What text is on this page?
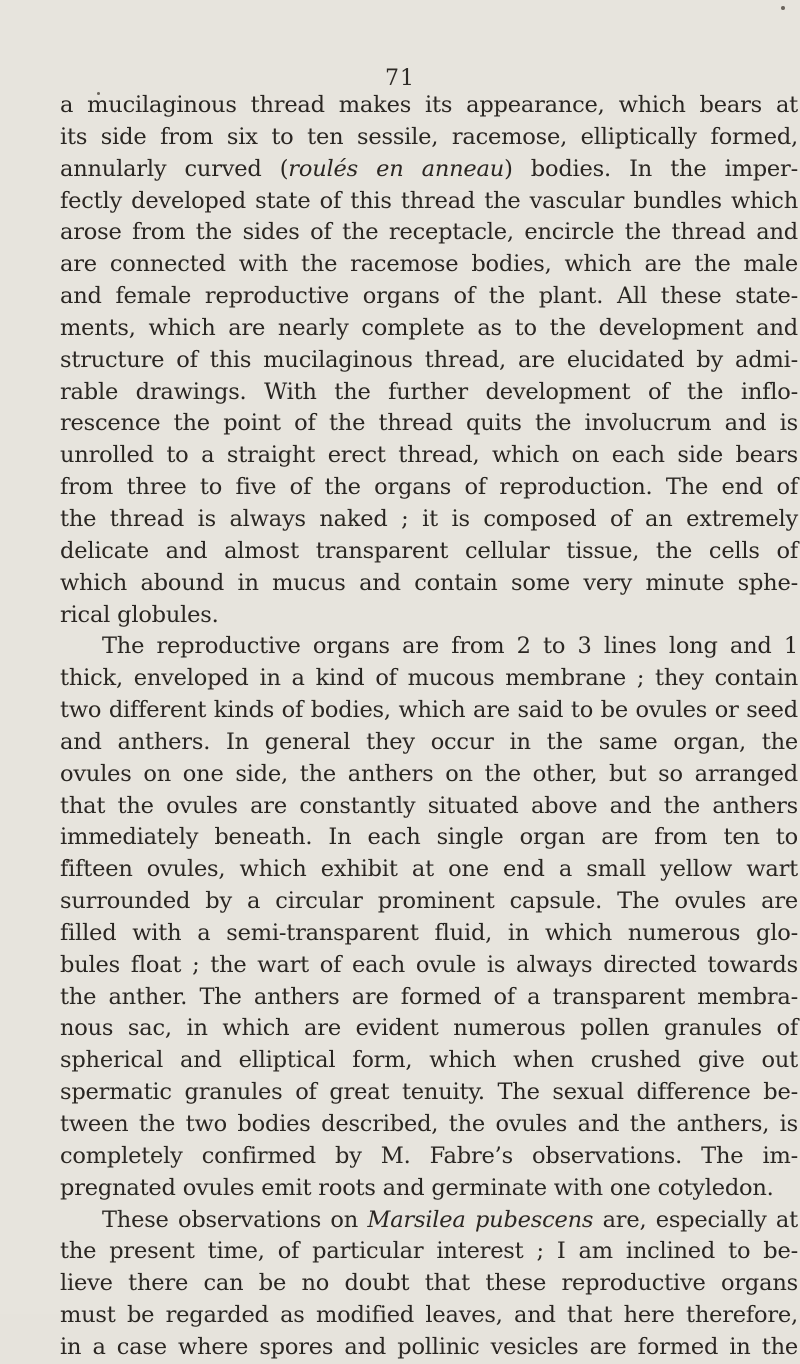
71
a mucilaginous thread makes its appearance, which bears at
its side from six to ten sessile, racemose, elliptically formed,
annularly curved (roulés en anneau) bodies. In the imper-
fectly developed state of this thread the vascular bundles which
arose from the sides of the receptacle, encircle the thread and
are connected with the racemose bodies, which are the male
and female reproductive organs of the plant. All these state-
ments, which are nearly complete as to the development and
structure of this mucilaginous thread, are elucidated by admi-
rable drawings. With the further development of the inflo-
rescence the point of the thread quits the involucrum and is
unrolled to a straight erect thread, which on each side bears
from three to five of the organs of reproduction. The end of
the thread is always naked ; it is composed of an extremely
delicate and almost transparent cellular tissue, the cells of
which abound in mucus and contain some very minute sphe-
rical globules.
The reproductive organs are from 2 to 3 lines long and 1
thick, enveloped in a kind of mucous membrane ; they contain
two different kinds of bodies, which are said to be ovules or seed
and anthers. In general they occur in the same organ, the
ovules on one side, the anthers on the other, but so arranged
that the ovules are constantly situated above and the anthers
immediately beneath. In each single organ are from ten to
fifteen ovules, which exhibit at one end a small yellow wart
surrounded by a circular prominent capsule. The ovules are
filled with a semi-transparent fluid, in which numerous glo-
bules float ; the wart of each ovule is always directed towards
the anther. The anthers are formed of a transparent membra-
nous sac, in which are evident numerous pollen granules of
spherical and elliptical form, which when crushed give out
spermatic granules of great tenuity. The sexual difference be-
tween the two bodies described, the ovules and the anthers, is
completely confirmed by M. Fabre’s observations. The im-
pregnated ovules emit roots and germinate with one cotyledon.
These observations on Marsilea pubescens are, especially at
the present time, of particular interest ; I am inclined to be-
lieve there can be no doubt that these reproductive organs
must be regarded as modified leaves, and that here therefore,
in a case where spores and pollinic vesicles are formed in the
